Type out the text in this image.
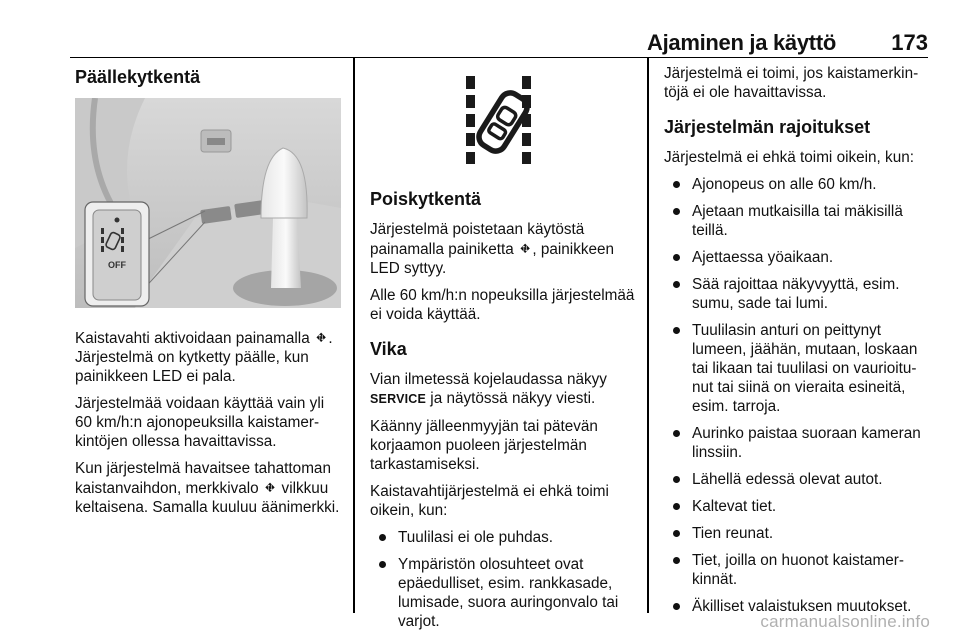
Ajaminen ja käyttö	173
Päällekytkentä
OFF

Kaistavahti aktivoidaan painamalla ⛖ . Järjestelmä on kytketty päälle, kun painikkeen LED ei pala.

Järjestelmää voidaan käyttää vain yli 60 km/h:n ajonopeuksilla kaistamerkintöjen ollessa havaittavissa.

Kun järjestelmä havaitsee tahattoman kaistanvaihdon, merkkivalo ⛖ vilkkuu keltaisena. Samalla kuuluu äänimerkki.

Poiskytkentä

Järjestelmä poistetaan käytöstä painamalla painiketta ⛖ , painikkeen LED syttyy.

Alle 60 km/h:n nopeuksilla järjestelmää ei voida käyttää.

Vika

Vian ilmetessä kojelaudassa näkyy SERVICE ja näytössä näkyy viesti.

Käänny jälleenmyyjän tai pätevän korjaamon puoleen järjestelmän tarkastamiseksi.

Kaistavahtijärjestelmä ei ehkä toimi oikein, kun:

Tuulilasi ei ole puhdas.
Ympäristön olosuhteet ovat epäedulliset, esim. rankkasade, lumisade, suora auringonvalo tai varjot.

Järjestelmä ei toimi, jos kaistamerkintöjä ei ole havaittavissa.

Järjestelmän rajoitukset

Järjestelmä ei ehkä toimi oikein, kun:

Ajonopeus on alle 60 km/h.
Ajetaan mutkaisilla tai mäkisillä teillä.
Ajettaessa yöaikaan.
Sää rajoittaa näkyvyyttä, esim. sumu, sade tai lumi.
Tuulilasin anturi on peittynyt lumeen, jäähän, mutaan, loskaan tai likaan tai tuulilasi on vaurioitunut tai siinä on vieraita esineitä, esim. tarroja.
Aurinko paistaa suoraan kameran linssiin.
Lähellä edessä olevat autot.
Kaltevat tiet.
Tien reunat.
Tiet, joilla on huonot kaistamerkinnät.
Äkilliset valaistuksen muutokset.
carmanualsonline.info
